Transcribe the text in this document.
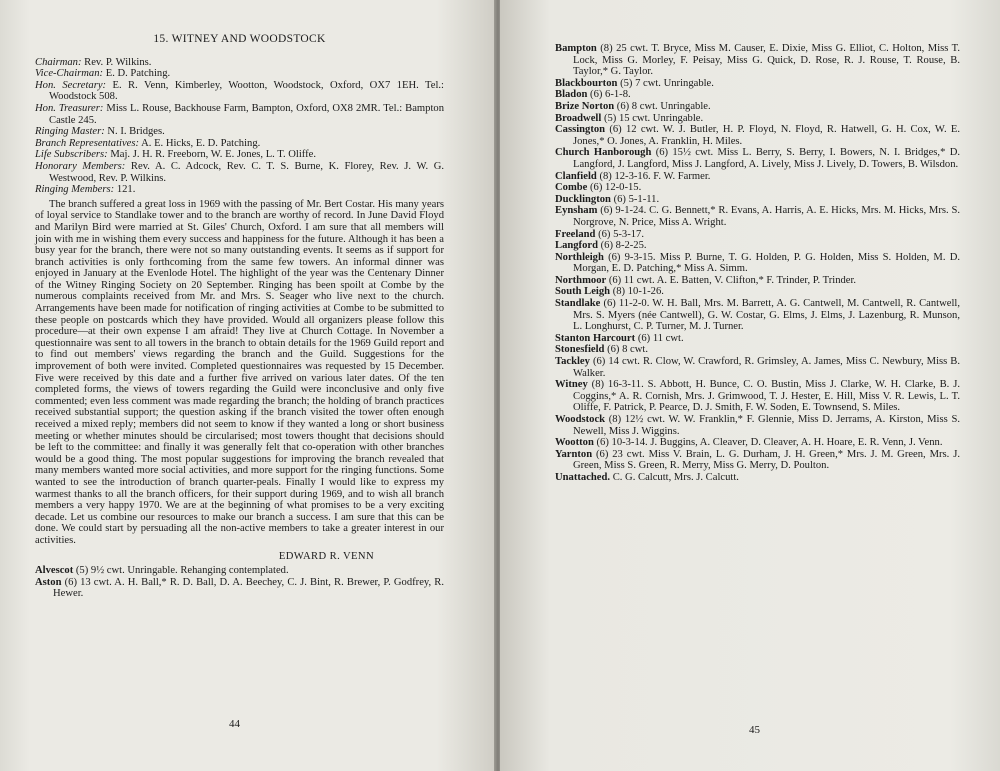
15. WITNEY AND WOODSTOCK

Chairman: Rev. P. Wilkins.

Vice-Chairman: E. D. Patching.

Hon. Secretary: E. R. Venn, Kimberley, Wootton, Woodstock, Oxford, OX7 1EH. Tel.: Woodstock 508.

Hon. Treasurer: Miss L. Rouse, Backhouse Farm, Bampton, Oxford, OX8 2MR. Tel.: Bampton Castle 245.

Ringing Master: N. I. Bridges.

Branch Representatives: A. E. Hicks, E. D. Patching.

Life Subscribers: Maj. J. H. R. Freeborn, W. E. Jones, L. T. Oliffe.

Honorary Members: Rev. A. C. Adcock, Rev. C. T. S. Burne, K. Florey, Rev. J. W. G. Westwood, Rev. P. Wilkins.

Ringing Members: 121.

The branch suffered a great loss in 1969 with the passing of Mr. Bert Costar. His many years of loyal service to Standlake tower and to the branch are worthy of record. In June David Floyd and Marilyn Bird were married at St. Giles' Church, Oxford. I am sure that all members will join with me in wishing them every success and happiness for the future. Although it has been a busy year for the branch, there were not so many outstanding events. It seems as if support for branch activities is only forthcoming from the same few towers. An informal dinner was enjoyed in January at the Evenlode Hotel. The highlight of the year was the Centenary Dinner of the Witney Ringing Society on 20 September. Ringing has been spoilt at Combe by the numerous complaints received from Mr. and Mrs. S. Seager who live next to the church. Arrangements have been made for notification of ringing activities at Combe to be submitted to these people on postcards which they have provided. Would all organizers please follow this procedure—at their own expense I am afraid! They live at Church Cottage. In November a questionnaire was sent to all towers in the branch to obtain details for the 1969 Guild report and to find out members' views regarding the branch and the Guild. Suggestions for the improvement of both were invited. Completed questionnaires was requested by 15 December. Five were received by this date and a further five arrived on various later dates. Of the ten completed forms, the views of towers regarding the Guild were inconclusive and only five commented; even less comment was made regarding the branch; the holding of branch practices received substantial support; the question asking if the branch visited the tower often enough received a mixed reply; members did not seem to know if they wanted a long or short business meeting or whether minutes should be circularised; most towers thought that decisions should be left to the committee: and finally it was generally felt that co-operation with other branches would be a good thing. The most popular suggestions for improving the branch revealed that many members wanted more social activities, and more support for the ringing functions. Some wanted to see the introduction of branch quarter-peals. Finally I would like to express my warmest thanks to all the branch officers, for their support during 1969, and to wish all branch members a very happy 1970. We are at the beginning of what promises to be a very exciting decade. Let us combine our resources to make our branch a success. I am sure that this can be done. We could start by persuading all the non-active members to take a greater interest in our activities.

EDWARD R. VENN

Alvescot (5) 9½ cwt. Unringable. Rehanging contemplated.

Aston (6) 13 cwt. A. H. Ball,* R. D. Ball, D. A. Beechey, C. J. Bint, R. Brewer, P. Godfrey, R. Hewer.

44

Bampton (8) 25 cwt. T. Bryce, Miss M. Causer, E. Dixie, Miss G. Elliot, C. Holton, Miss T. Lock, Miss G. Morley, F. Peisay, Miss G. Quick, D. Rose, R. J. Rouse, T. Rouse, B. Taylor,* G. Taylor.

Blackbourton (5) 7 cwt. Unringable.

Bladon (6) 6-1-8.

Brize Norton (6) 8 cwt. Unringable.

Broadwell (5) 15 cwt. Unringable.

Cassington (6) 12 cwt. W. J. Butler, H. P. Floyd, N. Floyd, R. Hatwell, G. H. Cox, W. E. Jones,* O. Jones, A. Franklin, H. Miles.

Church Hanborough (6) 15½ cwt. Miss L. Berry, S. Berry, I. Bowers, N. I. Bridges,* D. Langford, J. Langford, Miss J. Langford, A. Lively, Miss J. Lively, D. Towers, B. Wilsdon.

Clanfield (8) 12-3-16. F. W. Farmer.

Combe (6) 12-0-15.

Ducklington (6) 5-1-11.

Eynsham (6) 9-1-24. C. G. Bennett,* R. Evans, A. Harris, A. E. Hicks, Mrs. M. Hicks, Mrs. S. Norgrove, N. Price, Miss A. Wright.

Freeland (6) 5-3-17.

Langford (6) 8-2-25.

Northleigh (6) 9-3-15. Miss P. Burne, T. G. Holden, P. G. Holden, Miss S. Holden, M. D. Morgan, E. D. Patching,* Miss A. Simm.

Northmoor (6) 11 cwt. A. E. Batten, V. Clifton,* F. Trinder, P. Trinder.

South Leigh (8) 10-1-26.

Standlake (6) 11-2-0. W. H. Ball, Mrs. M. Barrett, A. G. Cantwell, M. Cantwell, R. Cantwell, Mrs. S. Myers (née Cantwell), G. W. Costar, G. Elms, J. Elms, J. Lazenburg, R. Munson, L. Longhurst, C. P. Turner, M. J. Turner.

Stanton Harcourt (6) 11 cwt.

Stonesfield (6) 8 cwt.

Tackley (6) 14 cwt. R. Clow, W. Crawford, R. Grimsley, A. James, Miss C. Newbury, Miss B. Walker.

Witney (8) 16-3-11. S. Abbott, H. Bunce, C. O. Bustin, Miss J. Clarke, W. H. Clarke, B. J. Coggins,* A. R. Cornish, Mrs. J. Grimwood, T. J. Hester, E. Hill, Miss V. R. Lewis, L. T. Oliffe, F. Patrick, P. Pearce, D. J. Smith, F. W. Soden, E. Townsend, S. Miles.

Woodstock (8) 12½ cwt. W. W. Franklin,* F. Glennie, Miss D. Jerrams, A. Kirston, Miss S. Newell, Miss J. Wiggins.

Wootton (6) 10-3-14. J. Buggins, A. Cleaver, D. Cleaver, A. H. Hoare, E. R. Venn, J. Venn.

Yarnton (6) 23 cwt. Miss V. Brain, L. G. Durham, J. H. Green,* Mrs. J. M. Green, Mrs. J. Green, Miss S. Green, R. Merry, Miss G. Merry, D. Poulton.

Unattached. C. G. Calcutt, Mrs. J. Calcutt.

45
